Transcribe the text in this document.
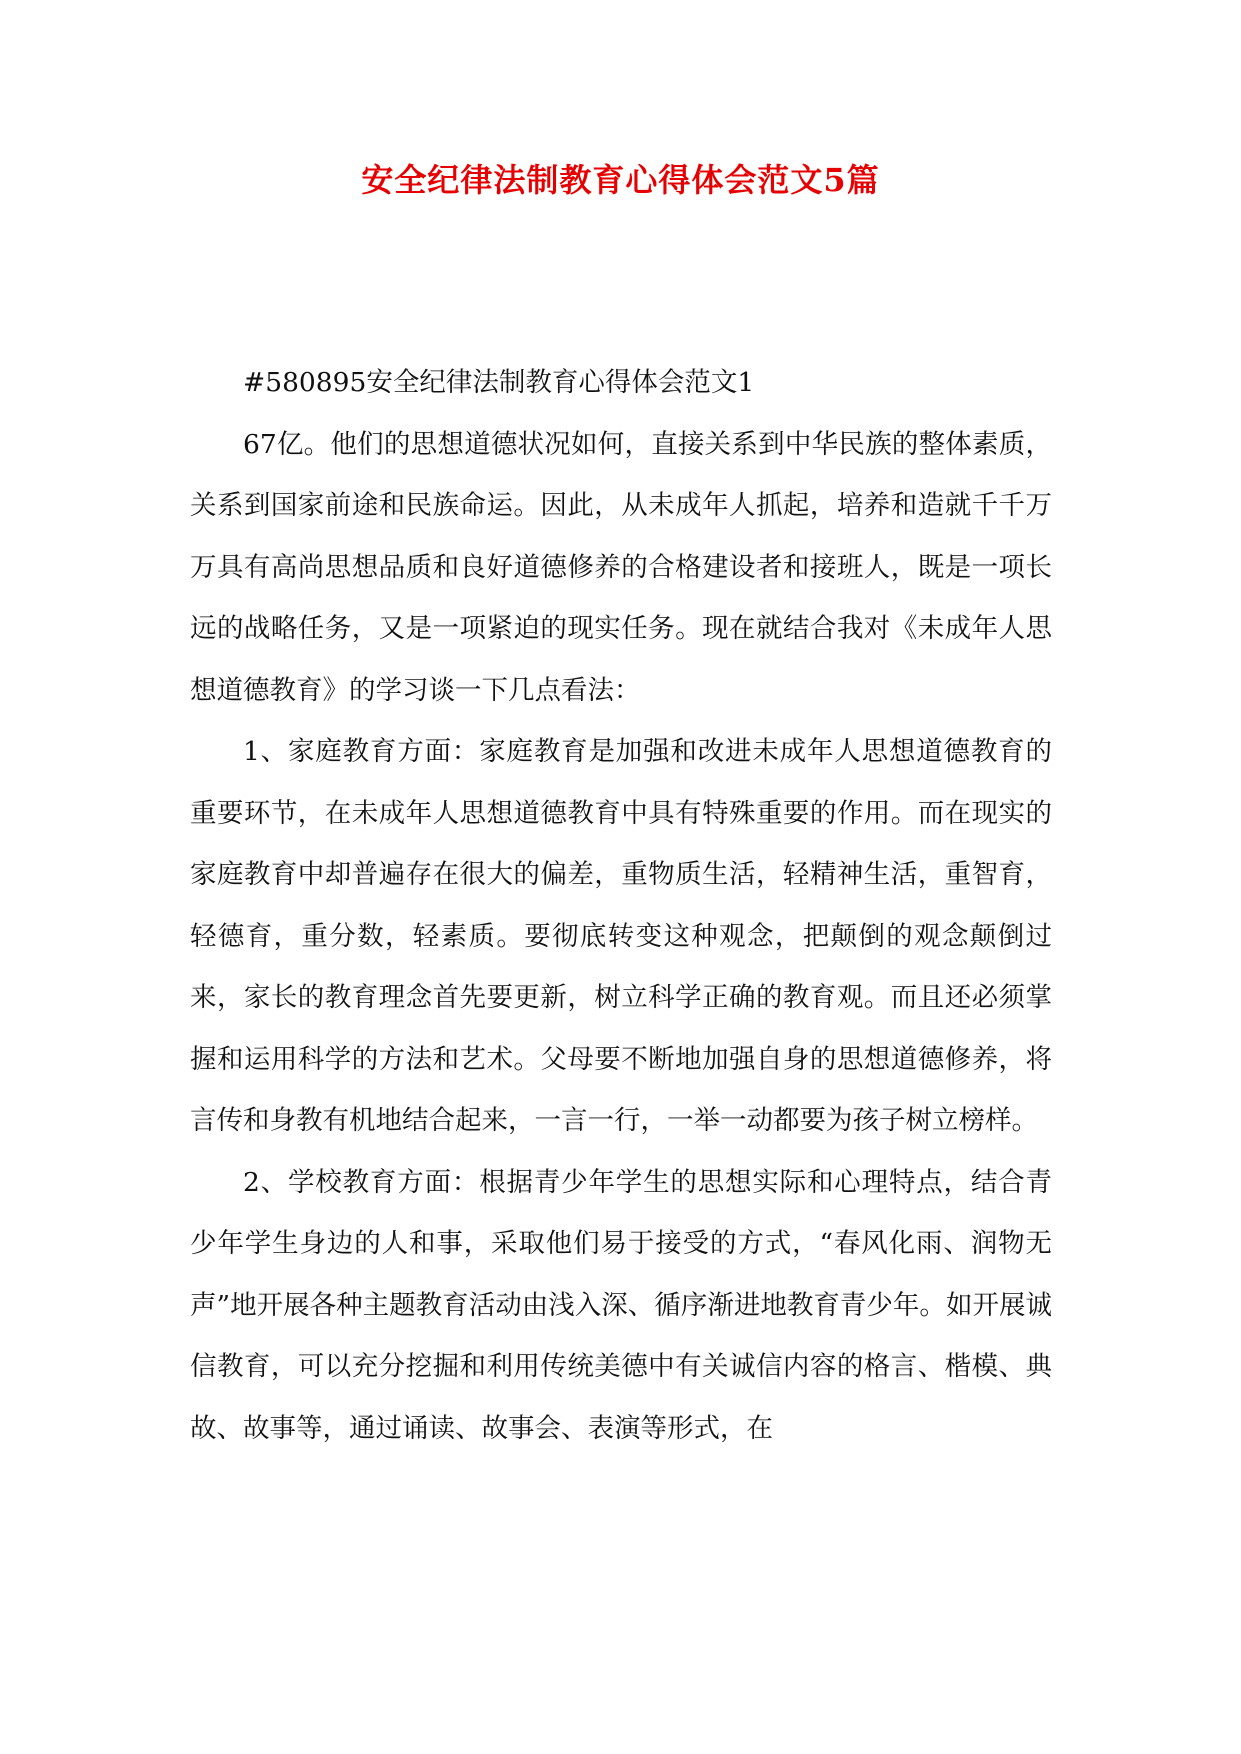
安全纪律法制教育心得体会范文5篇

#580895安全纪律法制教育心得体会范文1

67亿。他们的思想道德状况如何，直接关系到中华民族的整体素质，关系到国家前途和民族命运。因此，从未成年人抓起，培养和造就千千万万具有高尚思想品质和良好道德修养的合格建设者和接班人，既是一项长远的战略任务，又是一项紧迫的现实任务。现在就结合我对《未成年人思想道德教育》的学习谈一下几点看法：

1、家庭教育方面：家庭教育是加强和改进未成年人思想道德教育的重要环节，在未成年人思想道德教育中具有特殊重要的作用。而在现实的家庭教育中却普遍存在很大的偏差，重物质生活，轻精神生活，重智育，轻德育，重分数，轻素质。要彻底转变这种观念，把颠倒的观念颠倒过来，家长的教育理念首先要更新，树立科学正确的教育观。而且还必须掌握和运用科学的方法和艺术。父母要不断地加强自身的思想道德修养，将言传和身教有机地结合起来，一言一行，一举一动都要为孩子树立榜样。

2、学校教育方面：根据青少年学生的思想实际和心理特点，结合青少年学生身边的人和事，采取他们易于接受的方式，“春风化雨、润物无声”地开展各种主题教育活动由浅入深、循序渐进地教育青少年。如开展诚信教育，可以充分挖掘和利用传统美德中有关诚信内容的格言、楷模、典故、故事等，通过诵读、故事会、表演等形式，在
